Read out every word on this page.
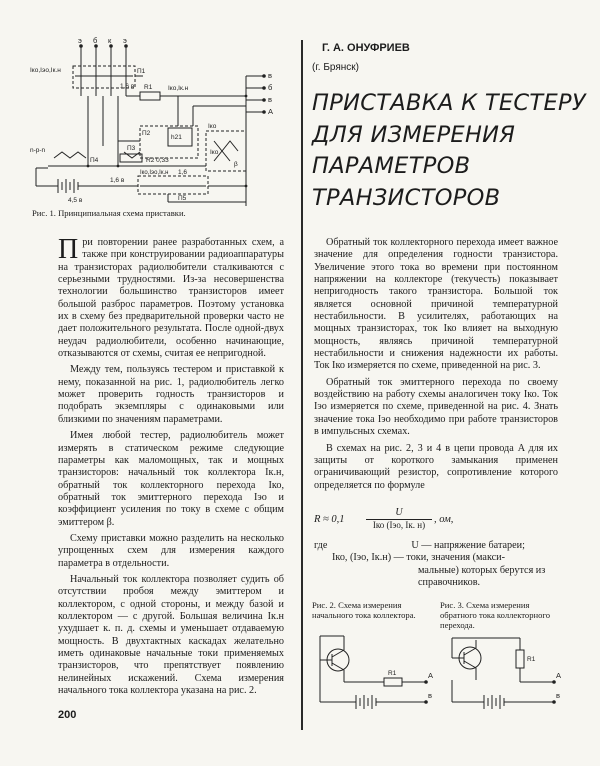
э б к э
Iко,Iэо,Iк.н	П1
1,6 в R1 Iко,Iк.н
в
б
в
A
n-p-n
П4
П3
R2 0,33
Iко
П2
h21
1,6
Iко
β
4,5 в
1,6 в
Iко,Iэо,Iк.н
П5
Рис. 1. Принципиальная схема приставки.
Г. А. ОНУФРИЕВ
(г. Брянск)
ПРИСТАВКА К ТЕСТЕРУ
ДЛЯ ИЗМЕРЕНИЯ
ПАРАМЕТРОВ
ТРАНЗИСТОРОВ

При повторении ранее разработанных схем, а также при конструировании радиоаппаратуры на транзисторах радиолюбители сталкиваются с серьезными трудностями. Из-за несовершенства технологии большинство транзисторов имеет большой разброс параметров. Поэтому установка их в схему без предварительной проверки часто не дает положительного результата. После одной-двух неудач радиолюбители, особенно начинающие, отказываются от схемы, считая ее непригодной.

Между тем, пользуясь тестером и приставкой к нему, показанной на рис. 1, радиолюбитель легко может проверить годность транзисторов и подобрать экземпляры с одинаковыми или близкими по значениям параметрами.

Имея любой тестер, радиолюбитель может измерять в статическом режиме следующие параметры как маломощных, так и мощных транзисторов: начальный ток коллектора Iк.н, обратный ток коллекторного перехода Iко, обратный ток эмиттерного перехода Iэо и коэффициент усиления по току в схеме с общим эмиттером β.

Схему приставки можно разделить на несколько упрощенных схем для измерения каждого параметра в отдельности.

Начальный ток коллектора позволяет судить об отсутствии пробоя между эмиттером и коллектором, с одной стороны, и между базой и коллектором — с другой. Большая величина Iк.н ухудшает к. п. д. схемы и уменьшает отдаваемую мощность. В двухтактных каскадах желательно иметь одинаковые начальные токи применяемых транзисторов, что препятствует появлению нелинейных искажений. Схема измерения начального тока коллектора указана на рис. 2.

200

Обратный ток коллекторного перехода имеет важное значение для определения годности транзистора. Увеличение этого тока во времени при постоянном напряжении на коллекторе (текучесть) показывает непригодность такого транзистора. Большой ток является основной причиной температурной нестабильности. В усилителях, работающих на мощных транзисторах, ток Iко влияет на выходную мощность, являясь причиной температурной нестабильности и снижения надежности их работы. Ток Iко измеряется по схеме, приведенной на рис. 3.

Обратный ток эмиттерного перехода по своему воздействию на работу схемы аналогичен току Iко. Ток Iэо измеряется по схеме, приведенной на рис. 4. Знать значение тока Iэо необходимо при работе транзисторов в импульсных схемах.

В схемах на рис. 2, 3 и 4 в цепи провода A для их защиты от короткого замыкания применен ограничивающий резистор, сопротивление которого определяется по формуле

R ≈ 0,1
U
Iко (Iэо, Iк. н) , ом,
где	U — напряжение батареи;
Iко, (Iэо, Iк.н) — токи, значения (макси-
мальные) которых берутся из справочников.
Рис. 2. Схема измерения начального тока коллектора.
R1	A
в
Рис. 3. Схема измерения обратного тока коллекторного перехода.
R1
A
в
